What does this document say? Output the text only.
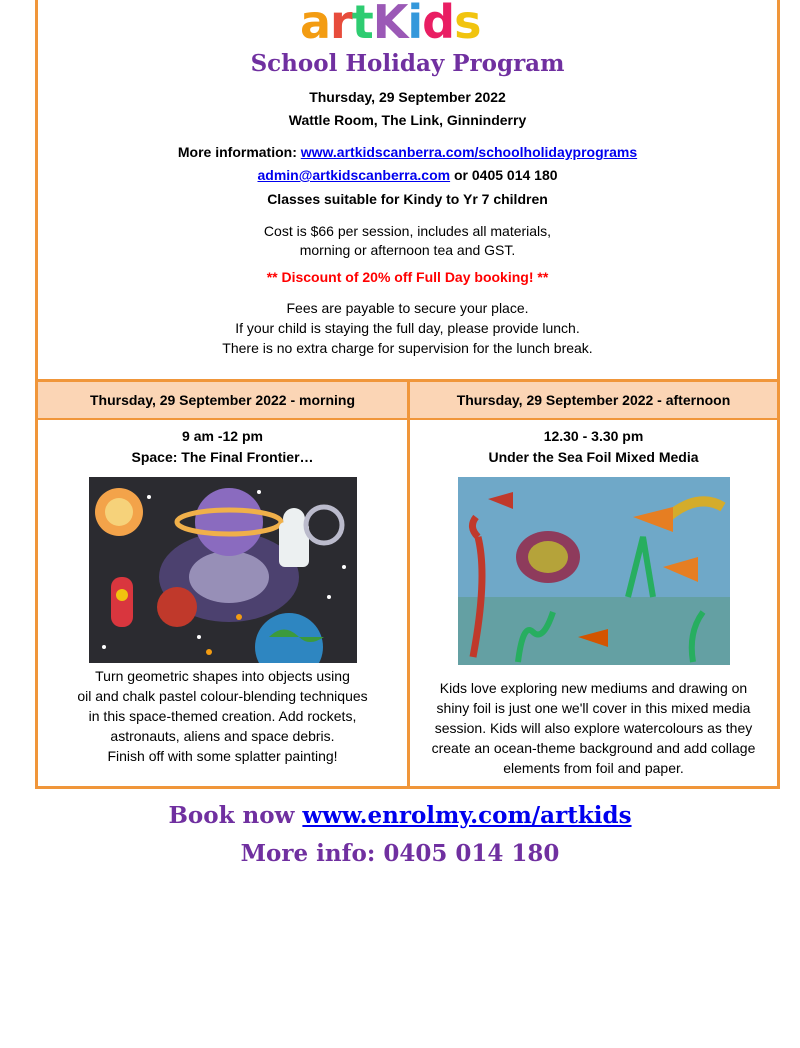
artKids
School Holiday Program
Thursday, 29 September 2022
Wattle Room, The Link, Ginninderry
More information: www.artkidscanberra.com/schoolholidayprograms
admin@artkidscanberra.com or 0405 014 180
Classes suitable for Kindy to Yr 7 children
Cost is $66 per session, includes all materials,
morning or afternoon tea and GST.
** Discount of 20% off Full Day booking! **
Fees are payable to secure your place.
If your child is staying the full day, please provide lunch.
There is no extra charge for supervision for the lunch break.
Thursday, 29 September 2022 - morning
9 am -12 pm
Space: The Final Frontier…
Turn geometric shapes into objects using
oil and chalk pastel colour-blending techniques
in this space-themed creation. Add rockets,
astronauts, aliens and space debris.
Finish off with some splatter painting!
Thursday, 29 September 2022 - afternoon
12.30 - 3.30 pm
Under the Sea Foil Mixed Media
Kids love exploring new mediums and drawing on
shiny foil is just one we'll cover in this mixed media
session. Kids will also explore watercolours as they
create an ocean-theme background and add collage
elements from foil and paper.
Book now www.enrolmy.com/artkids
More info: 0405 014 180
